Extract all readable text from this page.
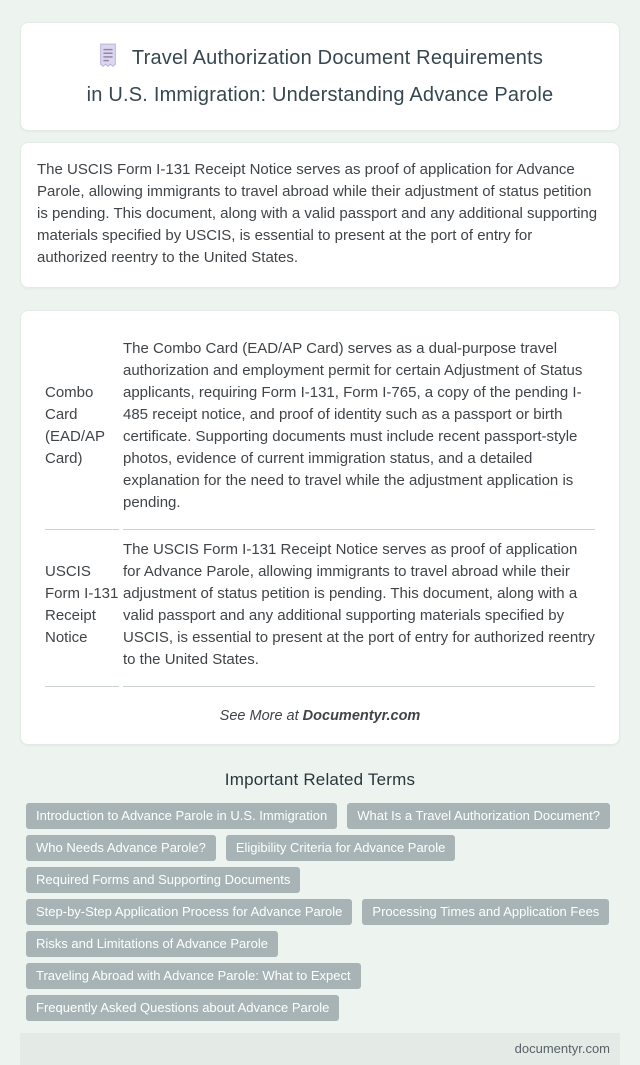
Travel Authorization Document Requirements
in U.S. Immigration: Understanding Advance Parole

The USCIS Form I-131 Receipt Notice serves as proof of application for Advance Parole, allowing immigrants to travel abroad while their adjustment of status petition is pending. This document, along with a valid passport and any additional supporting materials specified by USCIS, is essential to present at the port of entry for authorized reentry to the United States.

Combo Card (EAD/AP Card)	The Combo Card (EAD/AP Card) serves as a dual-purpose travel authorization and employment permit for certain Adjustment of Status applicants, requiring Form I-131, Form I-765, a copy of the pending I-485 receipt notice, and proof of identity such as a passport or birth certificate. Supporting documents must include recent passport-style photos, evidence of current immigration status, and a detailed explanation for the need to travel while the adjustment application is pending.
USCIS Form I-131 Receipt Notice	The USCIS Form I-131 Receipt Notice serves as proof of application for Advance Parole, allowing immigrants to travel abroad while their adjustment of status petition is pending. This document, along with a valid passport and any additional supporting materials specified by USCIS, is essential to present at the port of entry for authorized reentry to the United States.
See More at Documentyr.com
Important Related Terms
Introduction to Advance Parole in U.S. Immigration	What Is a Travel Authorization Document?
Who Needs Advance Parole?	Eligibility Criteria for Advance Parole
Required Forms and Supporting Documents
Step-by-Step Application Process for Advance Parole	Processing Times and Application Fees
Risks and Limitations of Advance Parole
Traveling Abroad with Advance Parole: What to Expect
Frequently Asked Questions about Advance Parole
documentyr.com
